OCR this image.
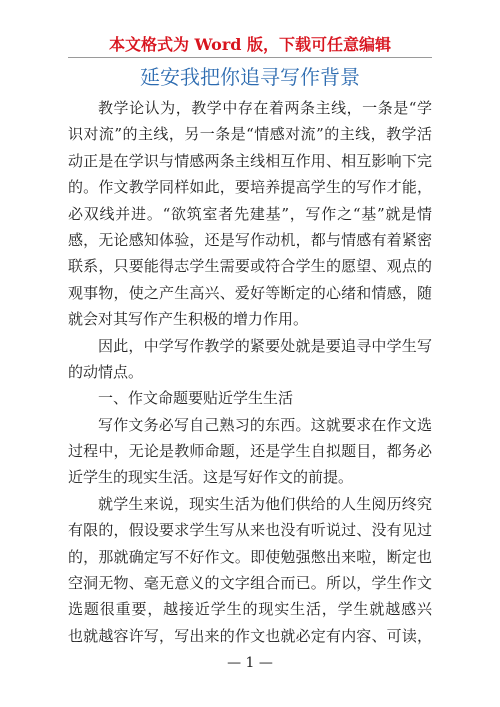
本文格式为 Word 版，下载可任意编辑
延安我把你追寻写作背景
教学论认为，教学中存在着两条主线，一条是“学
识对流”的主线，另一条是“情感对流”的主线，教学活
动正是在学识与情感两条主线相互作用、相互影响下完
的。作文教学同样如此，要培养提高学生的写作才能，
必双线并进。“欲筑室者先建基”，写作之“基”就是情
感，无论感知体验，还是写作动机，都与情感有着紧密
联系，只要能得志学生需要或符合学生的愿望、观点的
观事物，使之产生高兴、爱好等断定的心绪和情感，随
就会对其写作产生积极的增力作用。
因此，中学写作教学的紧要处就是要追寻中学生写
的动情点。
一、作文命题要贴近学生生活
写作文务必写自己熟习的东西。这就要求在作文选
过程中，无论是教师命题，还是学生自拟题目，都务必
近学生的现实生活。这是写好作文的前提。
就学生来说，现实生活为他们供给的人生阅历终究
有限的，假设要求学生写从来也没有听说过、没有见过
的，那就确定写不好作文。即使勉强憋出来啦，断定也
空洞无物、毫无意义的文字组合而已。所以，学生作文
选题很重要，越接近学生的现实生活，学生就越感兴
也就越容许写，写出来的作文也就必定有内容、可读，
— 1 —
